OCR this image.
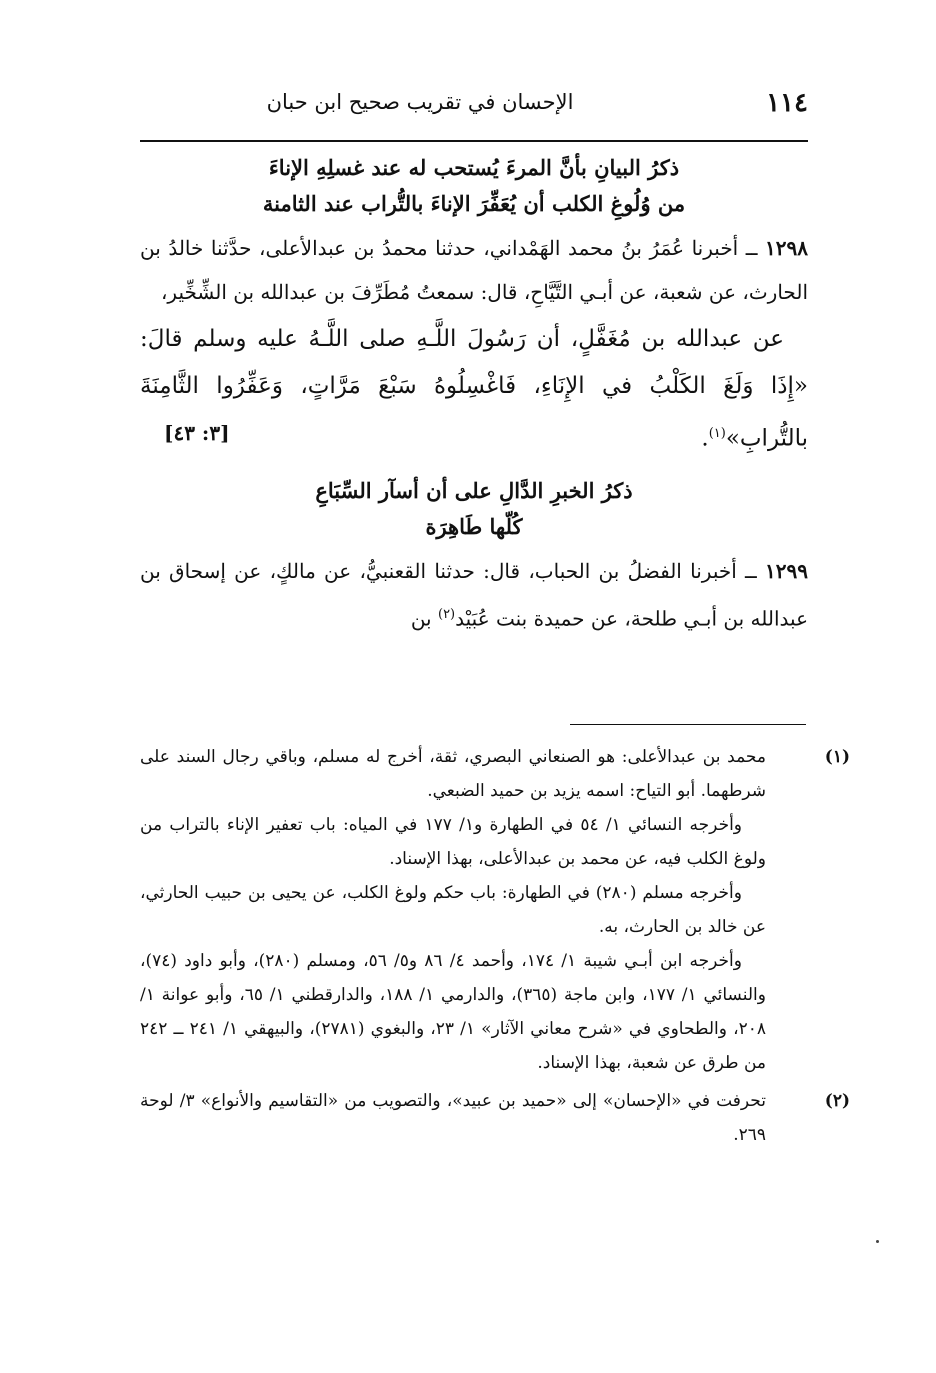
١١٤
الإحسان في تقريب صحيح ابن حبان

ذكرُ البيانِ بأنَّ المرءَ يُستحب له عند غسلِهِ الإناءَ
من وُلُوغِ الكلب أن يُعَفِّرَ الإناءَ بالتُّراب عند الثامنة

١٢٩٨ ــ أخبرنا عُمَرُ بنُ محمد الهَمْداني، حدثنا محمدُ بن عبدالأعلى، حدَّثنا خالدُ بن الحارث، عن شعبة، عن أبـي التَّيَّاحِ، قال: سمعتُ مُطَرِّفَ بن عبدالله بن الشِّخِّير،

عن عبدالله بن مُغَفَّلٍ، أن رَسُولَ اللَّـهِ صلى اللَّـهُ عليه وسلم قالَ: «إِذَا وَلَغَ الكَلْبُ في الإِنَاءِ، فَاغْسِلُوهُ سَبْعَ مَرَّاتٍ، وَعَفِّرُوا الثَّامِنَةَ بالتُّرابِ»$^{(١)}$.
[٣: ٤٣]

ذكرُ الخبرِ الدَّالِ على أن أسآر السِّبَاعِ
كُلّها طَاهِرَة

١٢٩٩ ــ أخبرنا الفضلُ بن الحباب، قال: حدثنا القعنبيُّ، عن مالكٍ، عن إسحاق بن عبدالله بن أبـي طلحة، عن حميدة بنت عُبَيْد$^{(٢)}$ بن

(١)محمد بن عبدالأعلى: هو الصنعاني البصري، ثقة، أخرج له مسلم، وباقي رجال السند على شرطهما. أبو التياح: اسمه يزيد بن حميد الضبعي.

وأخرجه النسائي ١/ ٥٤ في الطهارة و١/ ١٧٧ في المياه: باب تعفير الإناء بالتراب من ولوغ الكلب فيه، عن محمد بن عبدالأعلى، بهذا الإسناد.

وأخرجه مسلم (٢٨٠) في الطهارة: باب حكم ولوغ الكلب، عن يحيى بن حبيب الحارثي، عن خالد بن الحارث، به.

وأخرجه ابن أبـي شيبة ١/ ١٧٤، وأحمد ٤/ ٨٦ و٥/ ٥٦، ومسلم (٢٨٠)، وأبو داود (٧٤)، والنسائي ١/ ١٧٧، وابن ماجة (٣٦٥)، والدارمي ١/ ١٨٨، والدارقطني ١/ ٦٥، وأبو عوانة ١/ ٢٠٨، والطحاوي في «شرح معاني الآثار» ١/ ٢٣، والبغوي (٢٧٨١)، والبيهقي ١/ ٢٤١ ــ ٢٤٢ من طرق عن شعبة، بهذا الإسناد.

(٢)تحرفت في «الإحسان» إلى «حميد بن عبيد»، والتصويب من «التقاسيم والأنواع» ٣/ لوحة ٢٦٩.
